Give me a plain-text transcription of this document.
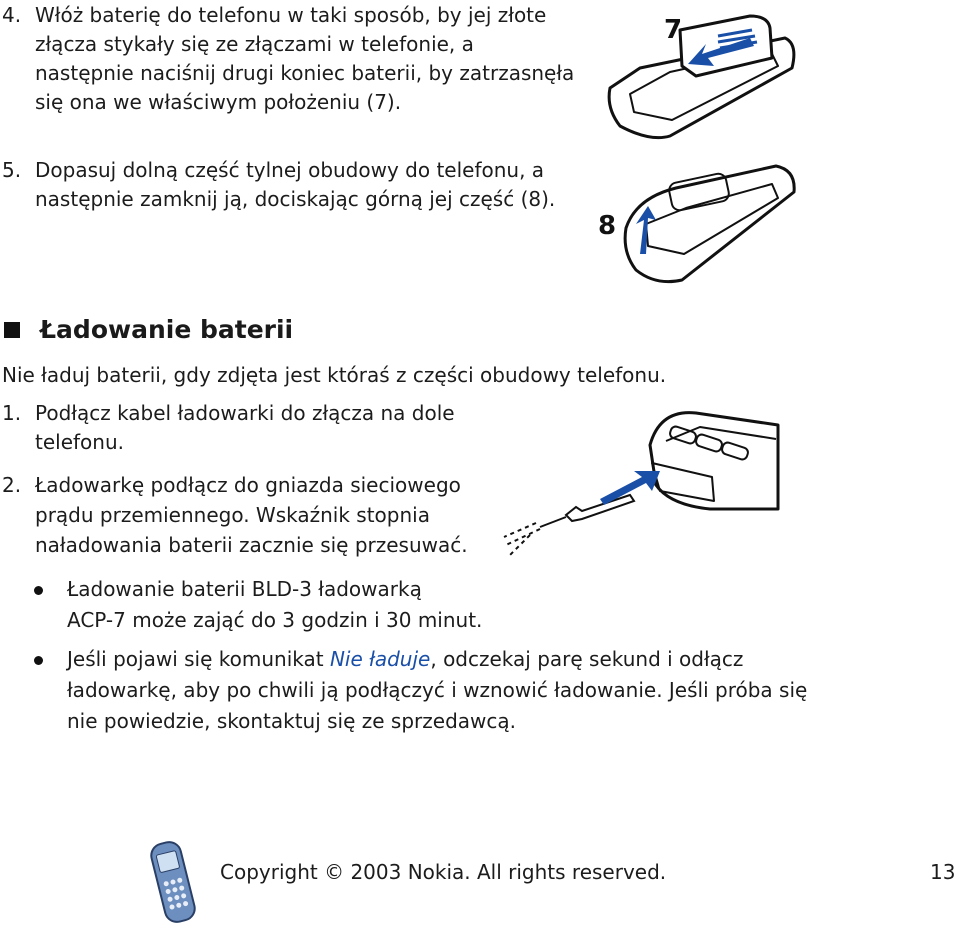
4. Włóż baterię do telefonu w taki sposób, by jej złote
złącza stykały się ze złączami w telefonie, a
następnie naciśnij drugi koniec baterii, by zatrzasnęła
się ona we właściwym położeniu (7).
7
5. Dopasuj dolną część tylnej obudowy do telefonu, a
następnie zamknij ją, dociskając górną jej część (8).
8
Ładowanie baterii
Nie ładuj baterii, gdy zdjęta jest któraś z części obudowy telefonu.
1. Podłącz kabel ładowarki do złącza na dole
telefonu.
2. Ładowarkę podłącz do gniazda sieciowego
prądu przemiennego. Wskaźnik stopnia
naładowania baterii zacznie się przesuwać.
Ładowanie baterii BLD-3 ładowarką
ACP-7 może zająć do 3 godzin i 30 minut.
Jeśli pojawi się komunikat Nie ładuje, odczekaj parę sekund i odłącz
ładowarkę, aby po chwili ją podłączyć i wznowić ładowanie. Jeśli próba się
nie powiedzie, skontaktuj się ze sprzedawcą.
Copyright © 2003 Nokia. All rights reserved.	13
